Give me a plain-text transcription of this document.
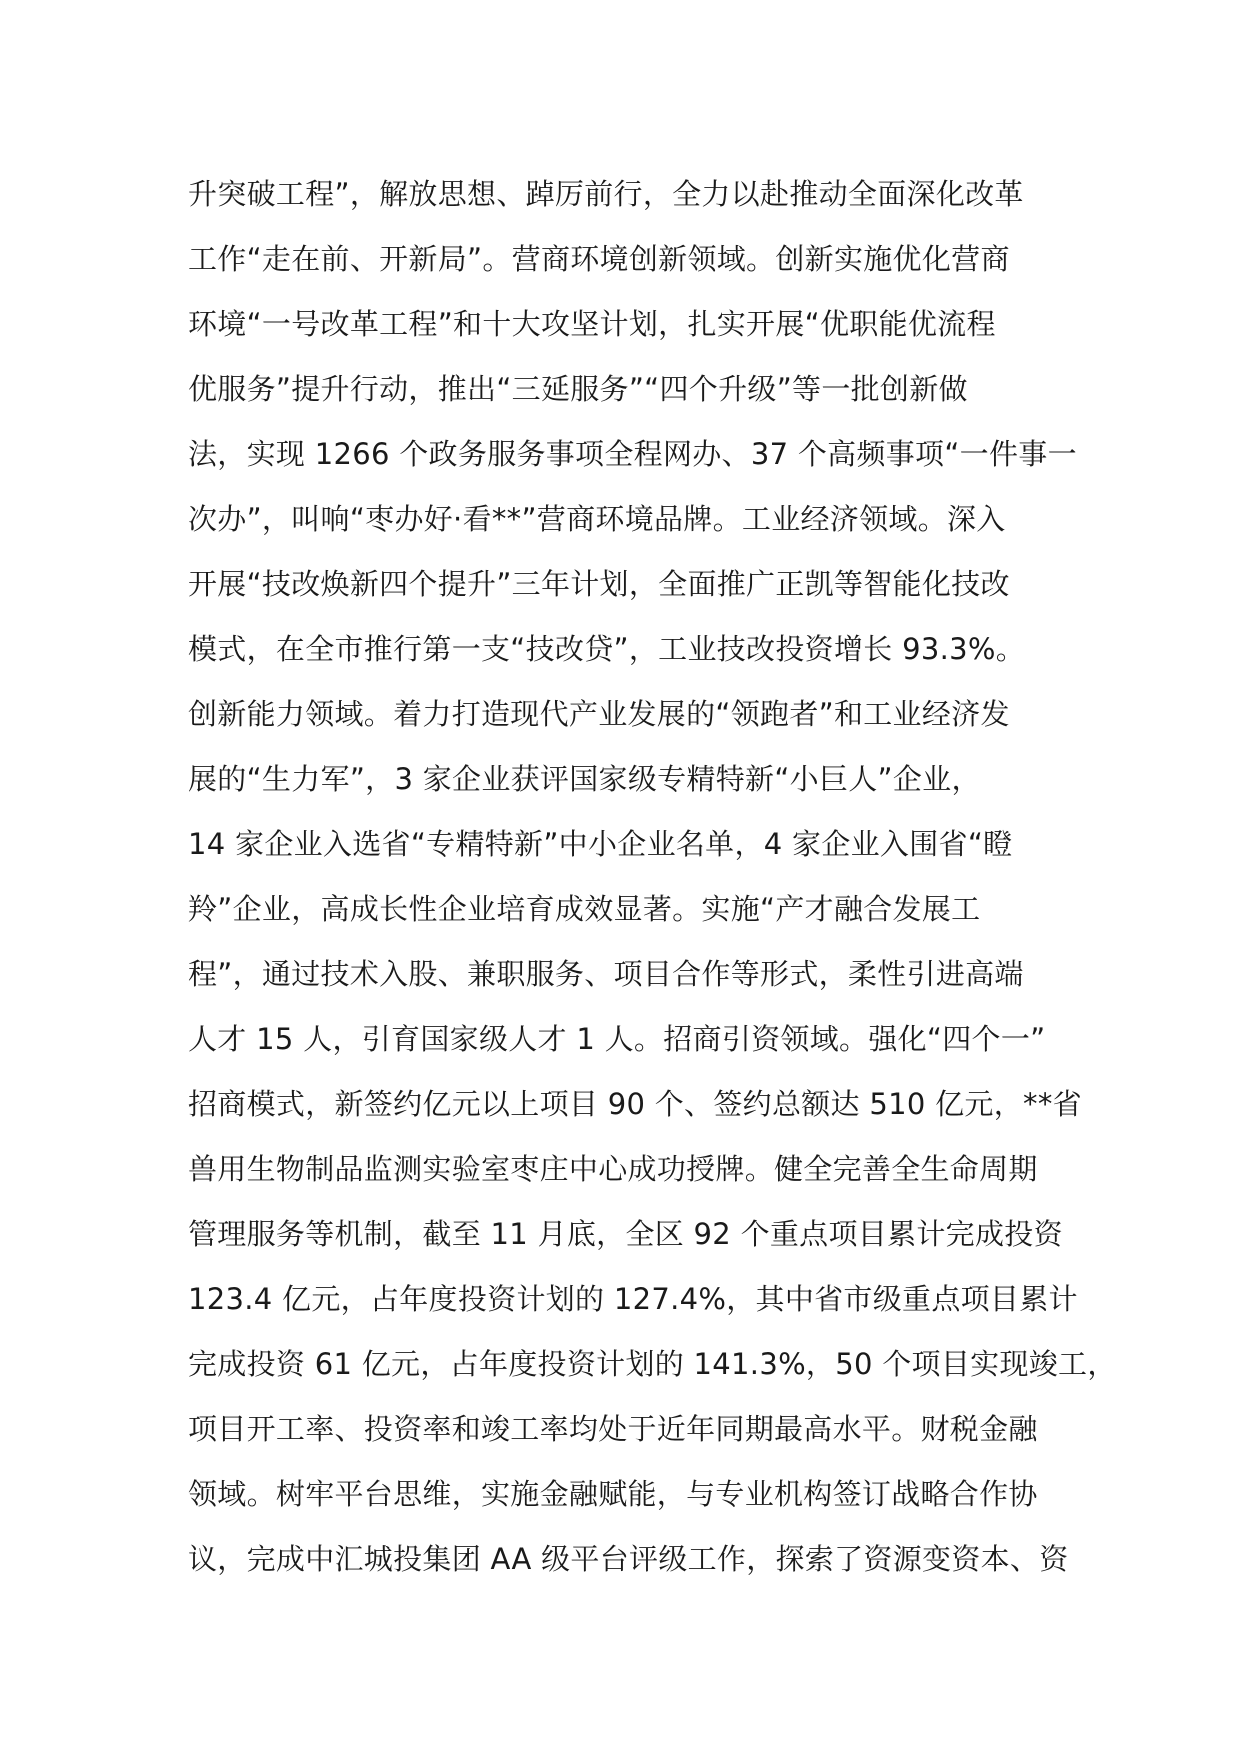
升突破工程”，解放思想、踔厉前行，全力以赴推动全面深化改革
工作“走在前、开新局”。营商环境创新领域。创新实施优化营商
环境“一号改革工程”和十大攻坚计划，扎实开展“优职能优流程
优服务”提升行动，推出“三延服务”“四个升级”等一批创新做
法，实现 1266 个政务服务事项全程网办、37 个高频事项“一件事一
次办”，叫响“枣办好·看**”营商环境品牌。工业经济领域。深入
开展“技改焕新四个提升”三年计划，全面推广正凯等智能化技改
模式，在全市推行第一支“技改贷”，工业技改投资增长 93.3%。
创新能力领域。着力打造现代产业发展的“领跑者”和工业经济发
展的“生力军”，3 家企业获评国家级专精特新“小巨人”企业，
14 家企业入选省“专精特新”中小企业名单，4 家企业入围省“瞪
羚”企业，高成长性企业培育成效显著。实施“产才融合发展工
程”，通过技术入股、兼职服务、项目合作等形式，柔性引进高端
人才 15 人，引育国家级人才 1 人。招商引资领域。强化“四个一”
招商模式，新签约亿元以上项目 90 个、签约总额达 510 亿元，**省
兽用生物制品监测实验室枣庄中心成功授牌。健全完善全生命周期
管理服务等机制，截至 11 月底，全区 92 个重点项目累计完成投资
123.4 亿元，占年度投资计划的 127.4%，其中省市级重点项目累计
完成投资 61 亿元，占年度投资计划的 141.3%，50 个项目实现竣工，
项目开工率、投资率和竣工率均处于近年同期最高水平。财税金融
领域。树牢平台思维，实施金融赋能，与专业机构签订战略合作协
议，完成中汇城投集团 AA 级平台评级工作，探索了资源变资本、资
